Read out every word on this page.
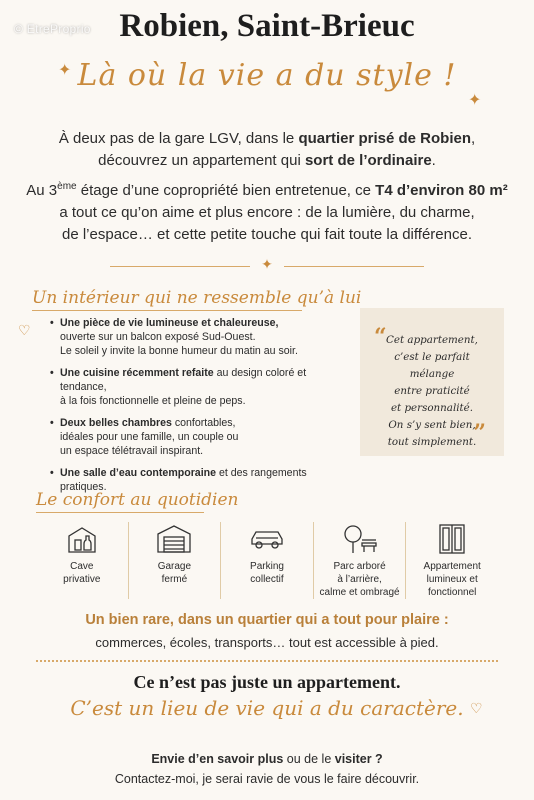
© EtreProprio Robien, Saint-Brieuc
✦ Là où la vie a du style !
✦
À deux pas de la gare LGV, dans le quartier prisé de Robien,
découvrez un appartement qui sort de l’ordinaire.
Au 3ème étage d’une copropriété bien entretenue, ce T4 d’environ 80 m²
a tout ce qu’on aime et plus encore : de la lumière, du charme,
de l’espace… et cette petite touche qui fait toute la différence.
✦
Un intérieur qui ne ressemble qu’à lui
♡
•	Une pièce de vie lumineuse et chaleureuse,
ouverte sur un balcon exposé Sud-Ouest.
Le soleil y invite la bonne humeur du matin au soir.
• Une cuisine récemment refaite au design coloré et tendance,
à la fois fonctionnelle et pleine de peps.
• Deux belles chambres confortables,
idéales pour une famille, un couple ou
un espace télétravail inspirant.
• Une salle d’eau contemporaine et des rangements pratiques.
“ Cet appartement,
c’est le parfait mélange
entre praticité
et personnalité.
On s’y sent bien,
tout simplement.
”
Le confort au quotidien
Cave
privative
Garage
fermé
Parking
collectif
Parc arboré
à l’arrière,
calme et ombragé
Appartement
lumineux et
fonctionnel
Un bien rare, dans un quartier qui a tout pour plaire :
commerces, écoles, transports… tout est accessible à pied.
Ce n’est pas juste un appartement.
C’est un lieu de vie qui a du caractère. ♡
Envie d’en savoir plus ou de le visiter ?
Contactez-moi, je serai ravie de vous le faire découvrir.
